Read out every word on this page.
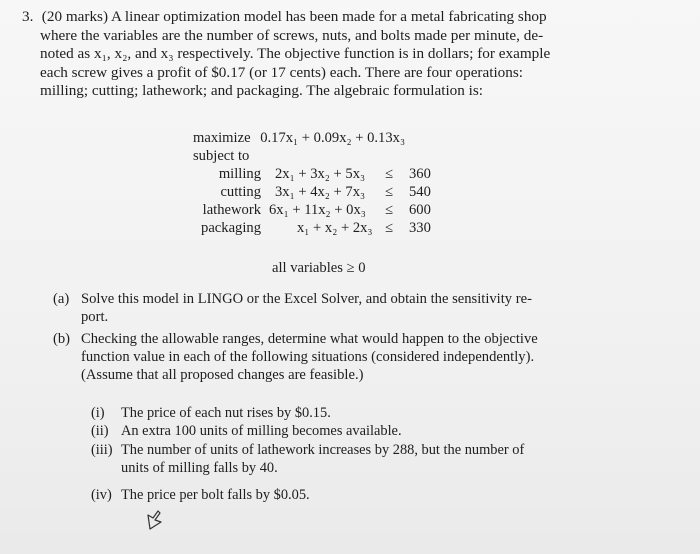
3. (20 marks) A linear optimization model has been made for a metal fabricating shop
where the variables are the number of screws, nuts, and bolts made per minute, de-
noted as x₁, x₂, and x₃ respectively. The objective function is in dollars; for example
each screw gives a profit of $0.17 (or 17 cents) each. There are four operations:
milling; cutting; lathework; and packaging. The algebraic formulation is:
maximize 0.17x₁ + 0.09x₂ + 0.13x₃
subject to
milling 2x₁ + 3x₂ + 5x₃ ≤ 360
cutting 3x₁ + 4x₂ + 7x₃ ≤ 540
lathework 6x₁ + 11x₂ + 0x₃ ≤ 600
packaging x₁ + x₂ + 2x₃ ≤ 330
all variables ≥ 0
(a) Solve this model in LINGO or the Excel Solver, and obtain the sensitivity re-
port.
(b) Checking the allowable ranges, determine what would happen to the objective
function value in each of the following situations (considered independently).
(Assume that all proposed changes are feasible.)
(i) The price of each nut rises by $0.15.
(ii) An extra 100 units of milling becomes available.
(iii) The number of units of lathework increases by 288, but the number of
units of milling falls by 40.
(iv) The price per bolt falls by $0.05.
